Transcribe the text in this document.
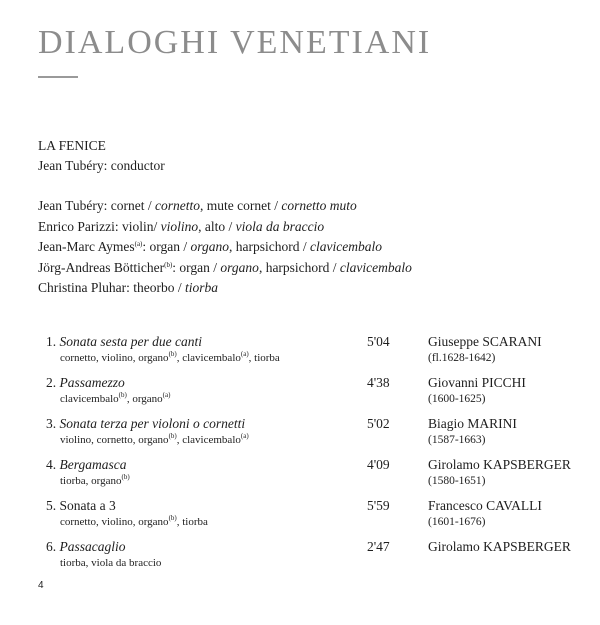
DIALOGHI VENETIANI
LA FENICE
Jean Tubéry: conductor
Jean Tubéry: cornet / cornetto, mute cornet / cornetto muto
Enrico Parizzi: violin/ violino, alto / viola da braccio
Jean-Marc Aymes$^{(a)}$: organ / organo, harpsichord / clavicembalo
Jörg-Andreas Bötticher$^{(b)}$: organ / organo, harpsichord / clavicembalo
Christina Pluhar: theorbo / tiorba
1. Sonata sesta per due canti
cornetto, violino, organo$^{(b)}$, clavicembalo$^{(a)}$, tiorba
5'04	Giuseppe SCARANI
(fl.1628-1642)
2. Passamezzo
clavicembalo$^{(b)}$, organo$^{(a)}$
4'38	Giovanni PICCHI
(1600-1625)
3. Sonata terza per violoni o cornetti
violino, cornetto, organo$^{(b)}$, clavicembalo$^{(a)}$
5'02	Biagio MARINI
(1587-1663)
4. Bergamasca
tiorba, organo$^{(b)}$
4'09	Girolamo KAPSBERGER
(1580-1651)
5. Sonata a 3
cornetto, violino, organo$^{(b)}$, tiorba
5'59	Francesco CAVALLI
(1601-1676)
6. Passacaglio
tiorba, viola da braccio
2'47	Girolamo KAPSBERGER
4
